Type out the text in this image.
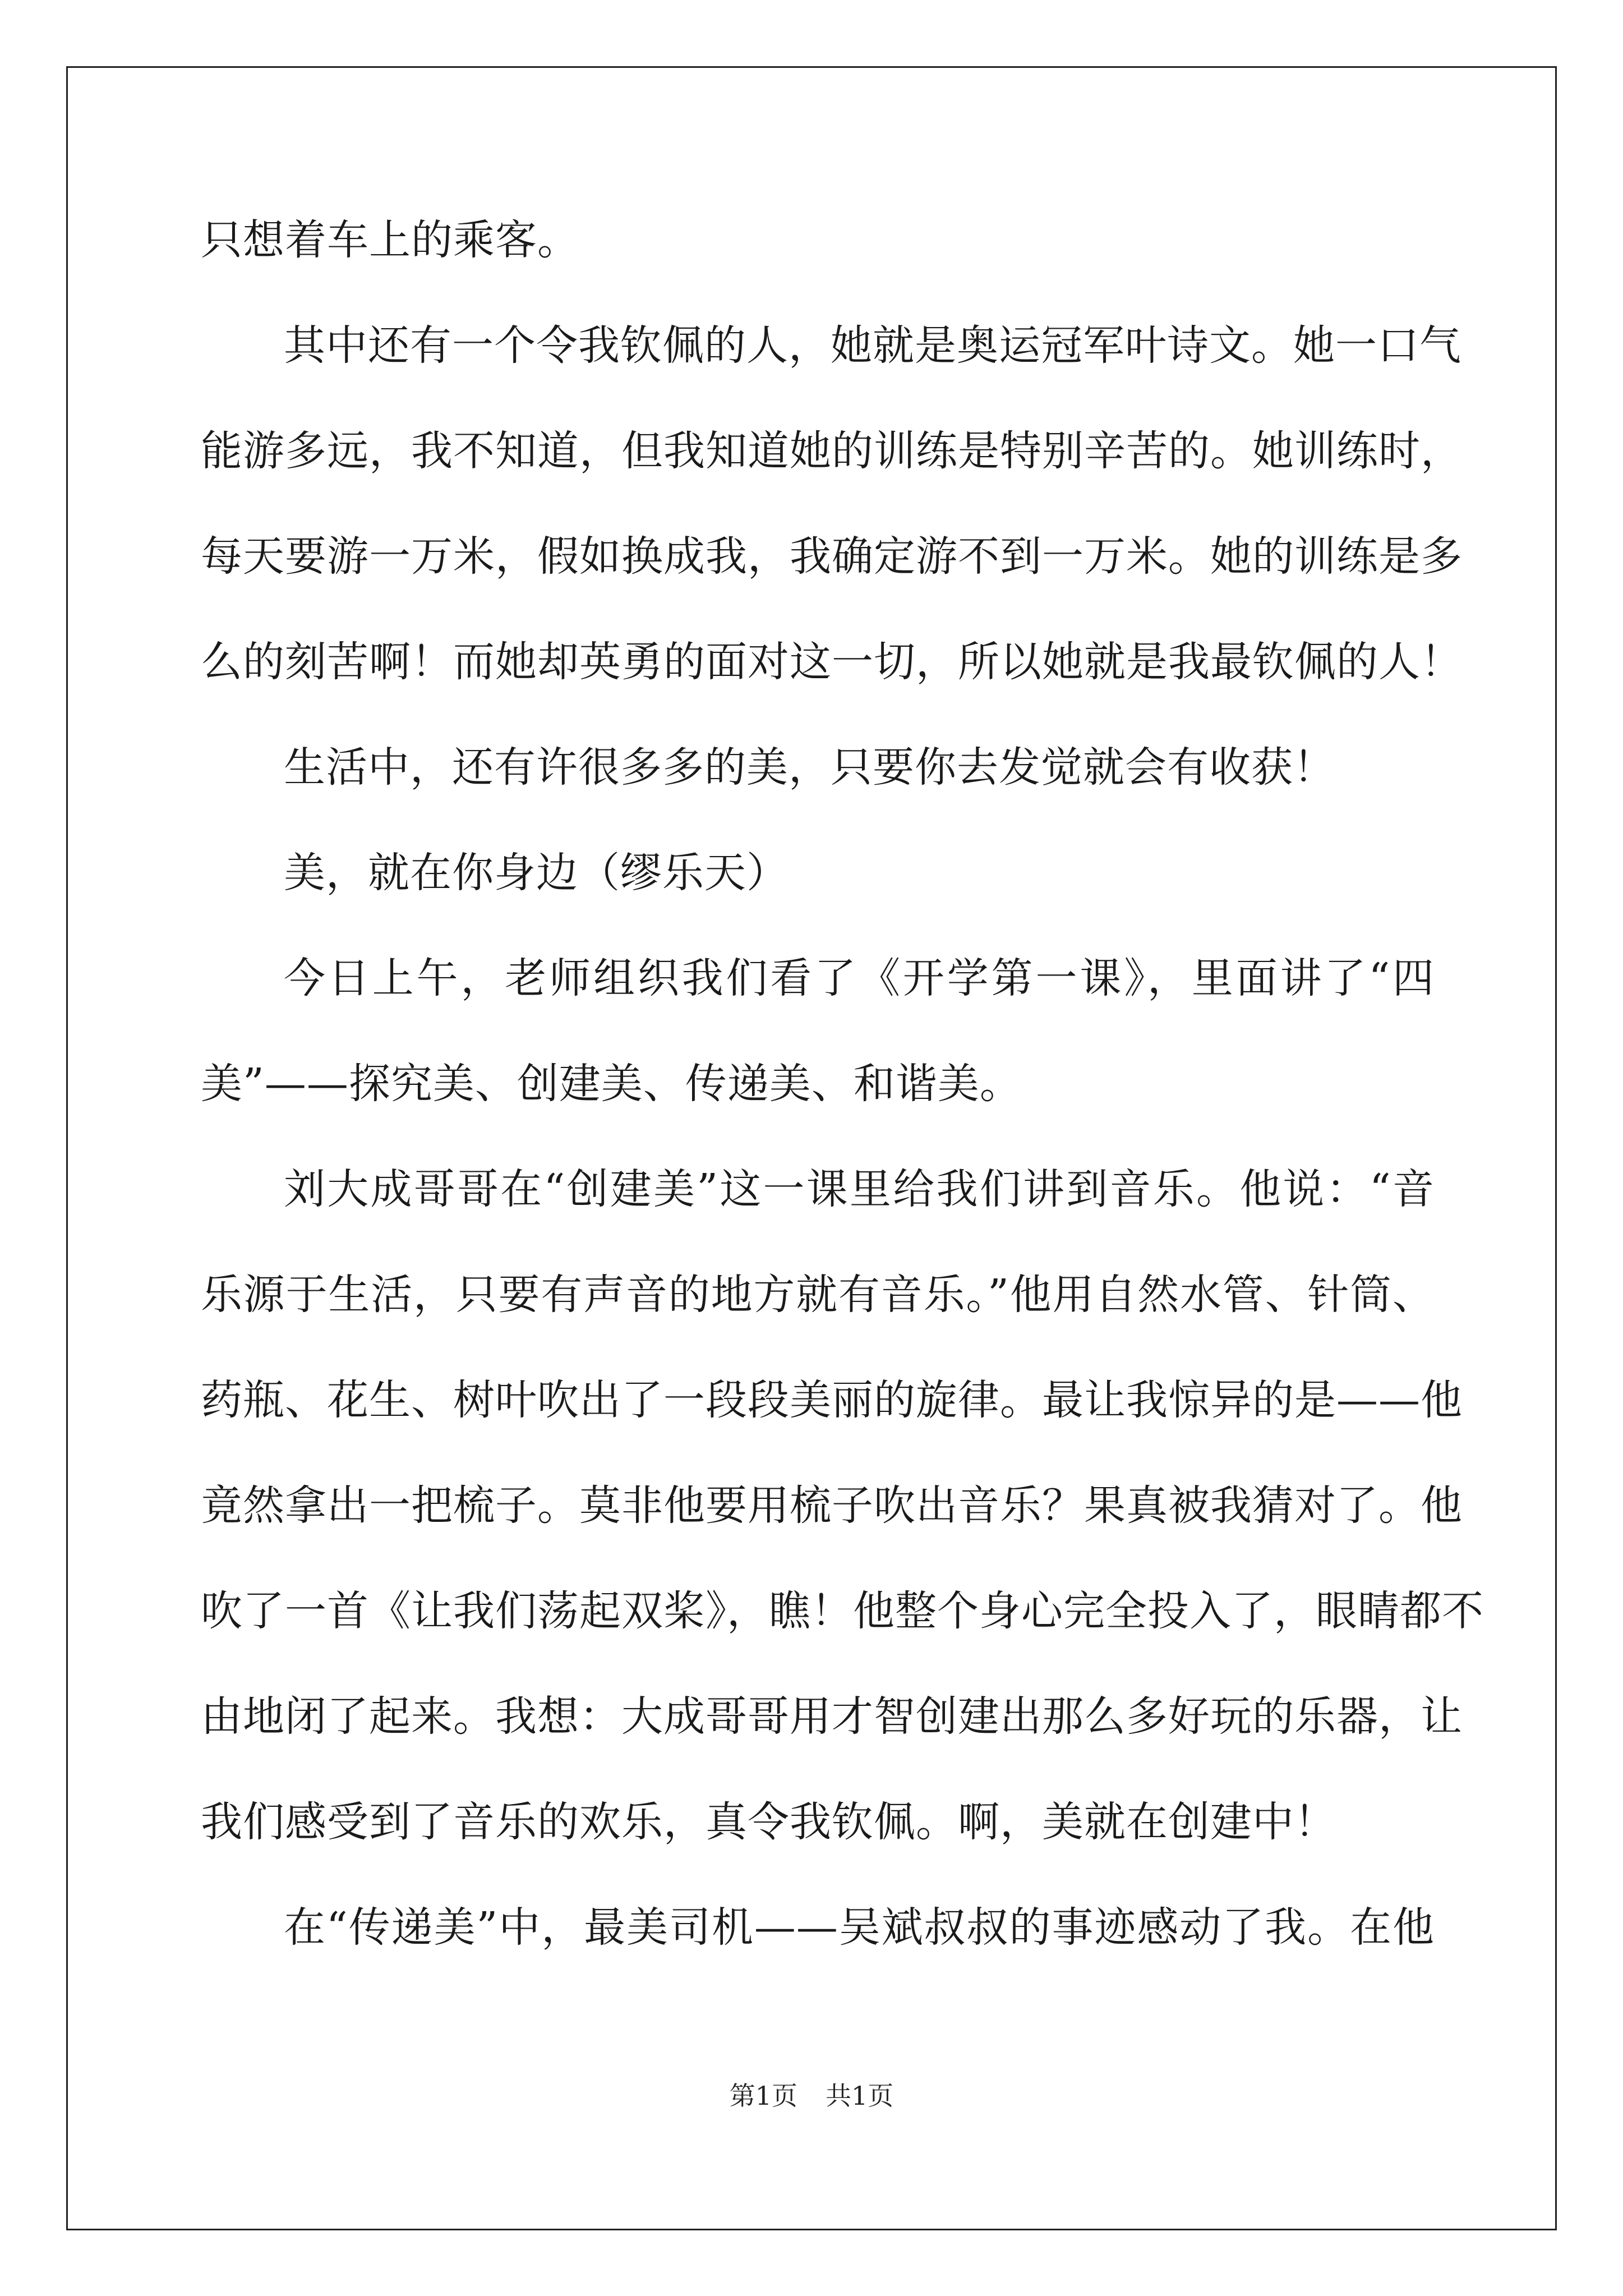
只想着车上的乘客。
其中还有一个令我钦佩的人，她就是奥运冠军叶诗文。她一口气
能游多远，我不知道，但我知道她的训练是特别辛苦的。她训练时，
每天要游一万米，假如换成我，我确定游不到一万米。她的训练是多
么的刻苦啊！而她却英勇的面对这一切，所以她就是我最钦佩的人！
生活中，还有许很多多的美，只要你去发觉就会有收获！
美，就在你身边（缪乐天）
今日上午，老师组织我们看了《开学第一课》，里面讲了“四
美”——探究美、创建美、传递美、和谐美。
刘大成哥哥在“创建美”这一课里给我们讲到音乐。他说：“音
乐源于生活，只要有声音的地方就有音乐。”他用自然水管、针筒、
药瓶、花生、树叶吹出了一段段美丽的旋律。最让我惊异的是——他
竟然拿出一把梳子。莫非他要用梳子吹出音乐？果真被我猜对了。他
吹了一首《让我们荡起双桨》，瞧！他整个身心完全投入了，眼睛都不
由地闭了起来。我想：大成哥哥用才智创建出那么多好玩的乐器，让
我们感受到了音乐的欢乐，真令我钦佩。啊，美就在创建中！
在“传递美”中，最美司机——吴斌叔叔的事迹感动了我。在他
第1页 共1页
